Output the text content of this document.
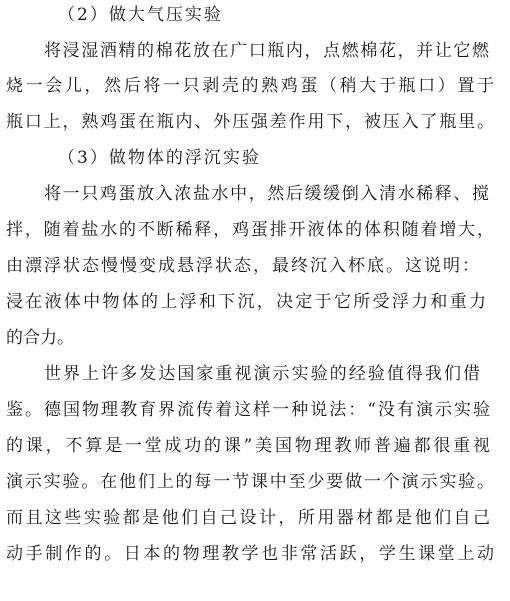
（2）做大气压实验
将浸湿酒精的棉花放在广口瓶内，点燃棉花，并让它燃
烧一会儿，然后将一只剥壳的熟鸡蛋（稍大于瓶口）置于
瓶口上，熟鸡蛋在瓶内、外压强差作用下，被压入了瓶里。
（3）做物体的浮沉实验
将一只鸡蛋放入浓盐水中，然后缓缓倒入清水稀释、搅
拌，随着盐水的不断稀释，鸡蛋排开液体的体积随着增大，
由漂浮状态慢慢变成悬浮状态，最终沉入杯底。这说明：
浸在液体中物体的上浮和下沉，决定于它所受浮力和重力
的合力。
世界上许多发达国家重视演示实验的经验值得我们借
鉴。德国物理教育界流传着这样一种说法：“没有演示实验
的课，不算是一堂成功的课”美国物理教师普遍都很重视
演示实验。在他们上的每一节课中至少要做一个演示实验。
而且这些实验都是他们自己设计，所用器材都是他们自己
动手制作的。日本的物理教学也非常活跃，学生课堂上动
